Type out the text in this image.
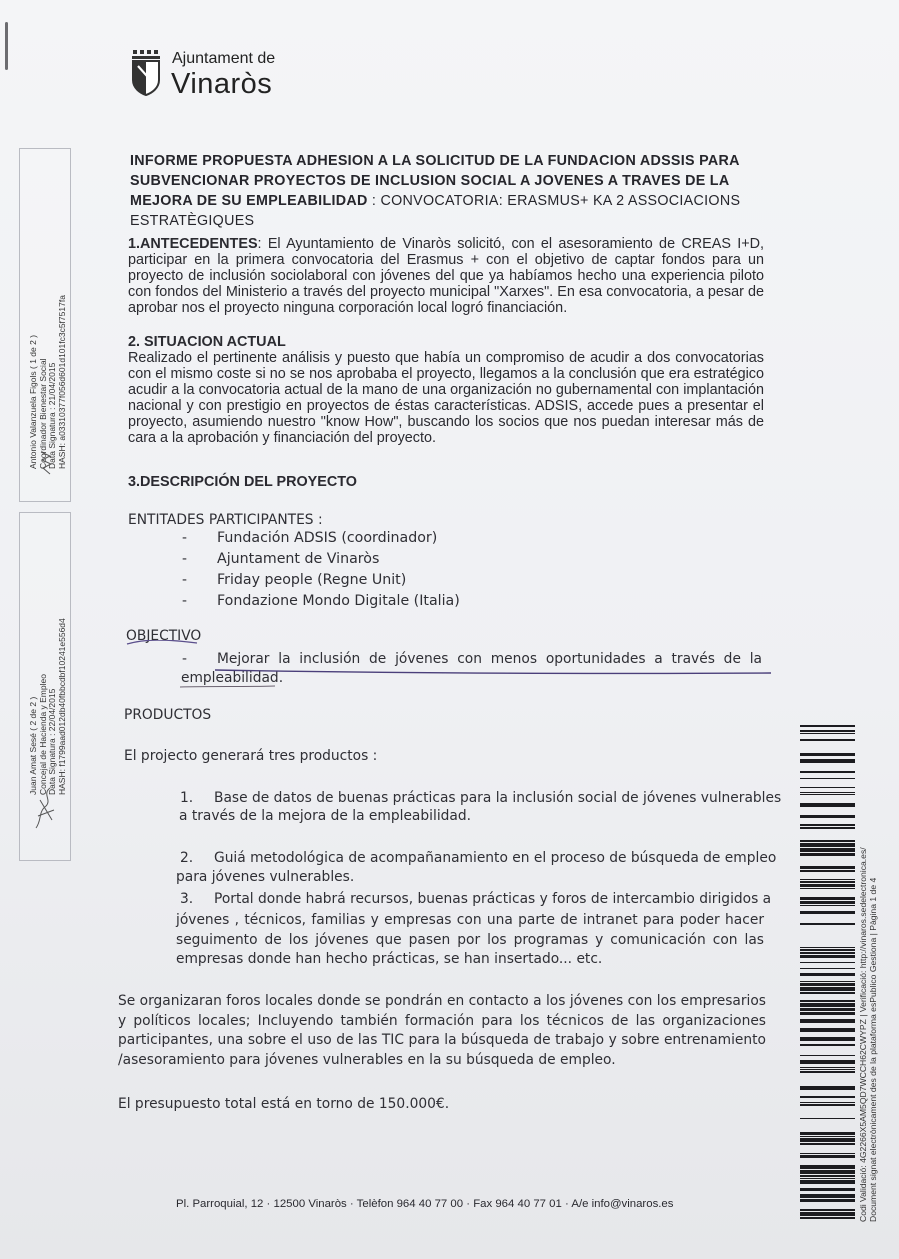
Ajuntament de
Vinaròs
INFORME PROPUESTA ADHESION A LA SOLICITUD DE LA FUNDACION ADSSIS PARA SUBVENCIONAR PROYECTOS DE INCLUSION SOCIAL A JOVENES A TRAVES DE LA MEJORA DE SU EMPLEABILIDAD : CONVOCATORIA: ERASMUS+ KA 2 ASSOCIACIONS ESTRATÈGIQUES
1.ANTECEDENTES: El Ayuntamiento de Vinaròs solicitó, con el asesoramiento de CREAS I+D, participar en la primera convocatoria del Erasmus + con el objetivo de captar fondos para un proyecto de inclusión sociolaboral con jóvenes del que ya habíamos hecho una experiencia piloto con fondos del Ministerio a través del proyecto municipal "Xarxes". En esa convocatoria, a pesar de aprobar nos el proyecto ninguna corporación local logró financiación.
2. SITUACION ACTUAL
Realizado el pertinente análisis y puesto que había un compromiso de acudir a dos convocatorias con el mismo coste si no se nos aprobaba el proyecto, llegamos a la conclusión que era estratégico acudir a la convocatoria actual de la mano de una organización no gubernamental con implantación nacional y con prestigio en proyectos de éstas características. ADSIS, accede pues a presentar el proyecto, asumiendo nuestro "know How", buscando los socios que nos puedan interesar más de cara a la aprobación y financiación del proyecto.
3.DESCRIPCIÓN DEL PROYECTO
ENTITADES PARTICIPANTES :
- Fundación ADSIS (coordinador)
- Ajuntament de Vinaròs
- Friday people (Regne Unit)
- Fondazione Mondo Digitale (Italia)
OBJECTIVO
- Mejorar la inclusión de jóvenes con menos oportunidades a través de la
empleabilidad.
PRODUCTOS
El projecto generará tres productos :
1. Base de datos de buenas prácticas para la inclusión social de jóvenes vulnerables
a través de la mejora de la empleabilidad.
2. Guiá metodológica de acompañanamiento en el proceso de búsqueda de empleo
para jóvenes vulnerables.
3. Portal donde habrá recursos, buenas prácticas y foros de intercambio dirigidos a
jóvenes , técnicos, familias y empresas con una parte de intranet para poder hacer seguimento de los jóvenes que pasen por los programas y comunicación con las empresas donde han hecho prácticas, se han insertado... etc.
Se organizaran foros locales donde se pondrán en contacto a los jóvenes con los empresarios y políticos locales; Incluyendo también formación para los técnicos de las organizaciones participantes, una sobre el uso de las TIC para la búsqueda de trabajo y sobre entrenamiento /asesoramiento para jóvenes vulnerables en la su búsqueda de empleo.
El presupuesto total está en torno de 150.000€.
Antonio Valanzuela Figols ( 1 de 2 ) Coordinador Bienestar Social Data Signatura : 21/04/2015 HASH: a03310377f056d601d101fc3c5f7517fa
Juan Amat Sesé ( 2 de 2 ) Concejal de Hacienda y Empleo Data Signatura : 22/04/2015 HASH: f1799aad012db40fbbcdbf10241e556d4
Codi Validació: 4G2266X5AM5QD7WCCH62CWYPZ | Verificació: http://vinaros.sedelectronica.es/ Document signat electrònicament des de la plataforma esPublico Gestiona | Pàgina 1 de 4
Pl. Parroquial, 12 · 12500 Vinaròs · Telèfon 964 40 77 00 · Fax 964 40 77 01 · A/e info@vinaros.es
